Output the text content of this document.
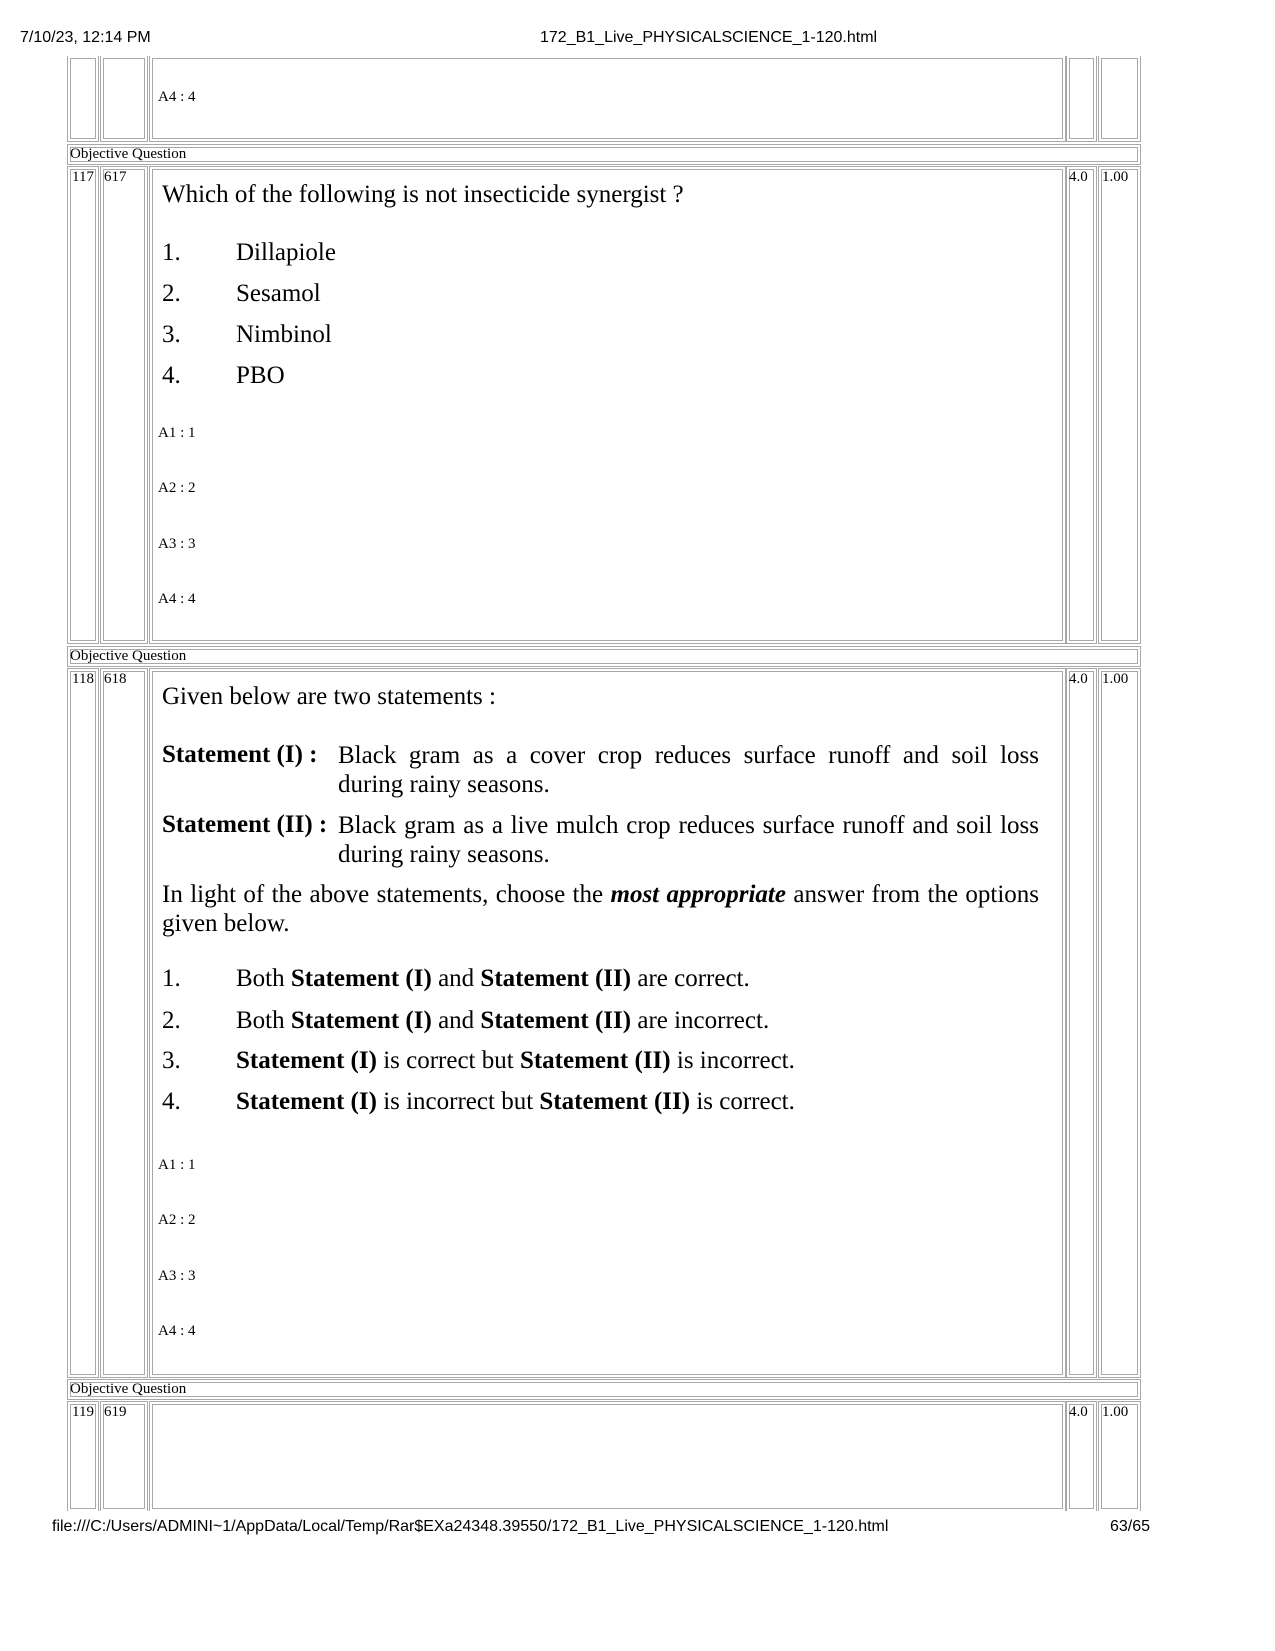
7/10/23, 12:14 PM	172_B1_Live_PHYSICALSCIENCE_1-120.html
A4 : 4
Objective Question
117 617	4.0 1.00
Which of the following is not insecticide synergist ?
1. Dillapiole
2. Sesamol
3. Nimbinol
4. PBO
A1 : 1
A2 : 2
A3 : 3
A4 : 4
Objective Question
118 618	4.0 1.00
Given below are two statements :
Statement (I) : Black gram as a cover crop reduces surface runoff and soil loss during rainy seasons.
Statement (II) : Black gram as a live mulch crop reduces surface runoff and soil loss during rainy seasons.
In light of the above statements, choose the most appropriate answer from the options given below.
1. Both Statement (I) and Statement (II) are correct.
2. Both Statement (I) and Statement (II) are incorrect.
3. Statement (I) is correct but Statement (II) is incorrect.
4. Statement (I) is incorrect but Statement (II) is correct.
A1 : 1
A2 : 2
A3 : 3
A4 : 4
Objective Question
119 619	4.0 1.00
file:///C:/Users/ADMINI~1/AppData/Local/Temp/Rar$EXa24348.39550/172_B1_Live_PHYSICALSCIENCE_1-120.html	63/65
